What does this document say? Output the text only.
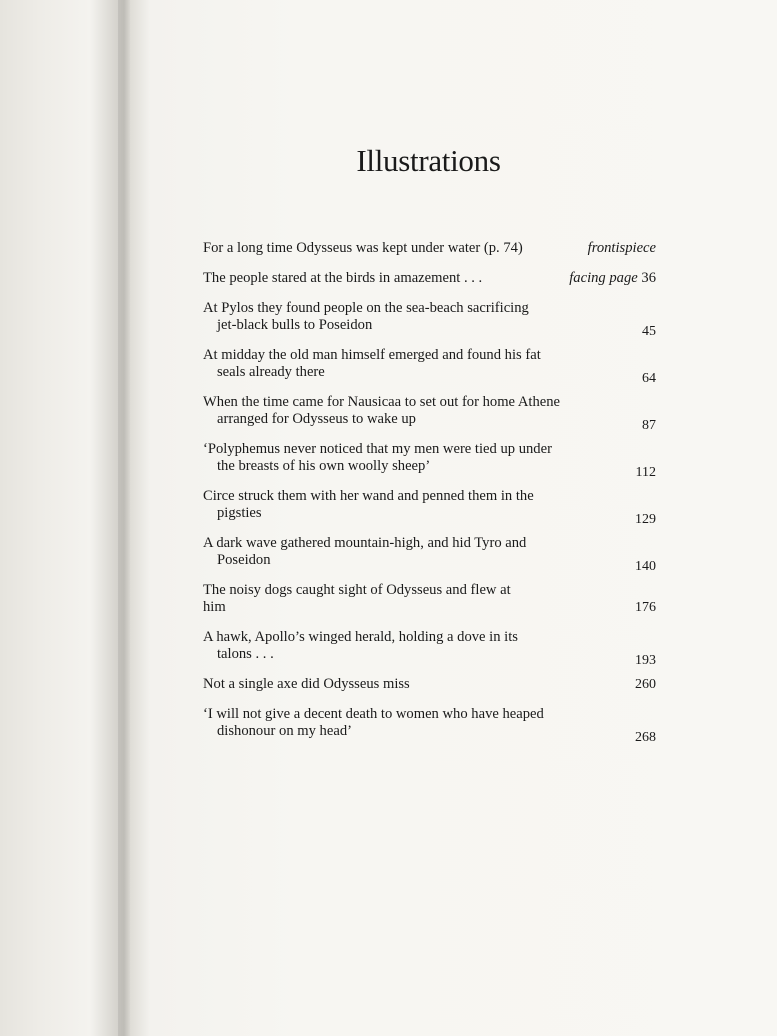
Illustrations
For a long time Odysseus was kept under water (p. 74)	frontispiece
The people stared at the birds in amazement . . .	facing page 36
At Pylos they found people on the sea-beach sacrificing
jet-black bulls to Poseidon	45
At midday the old man himself emerged and found his fat
seals already there	64
When the time came for Nausicaa to set out for home Athene
arranged for Odysseus to wake up	87
‘Polyphemus never noticed that my men were tied up under
the breasts of his own woolly sheep’	112
Circe struck them with her wand and penned them in the
pigsties	129
A dark wave gathered mountain-high, and hid Tyro and
Poseidon	140
The noisy dogs caught sight of Odysseus and flew at him	176
A hawk, Apollo’s winged herald, holding a dove in its
talons . . .	193
Not a single axe did Odysseus miss	260
‘I will not give a decent death to women who have heaped
dishonour on my head’	268
